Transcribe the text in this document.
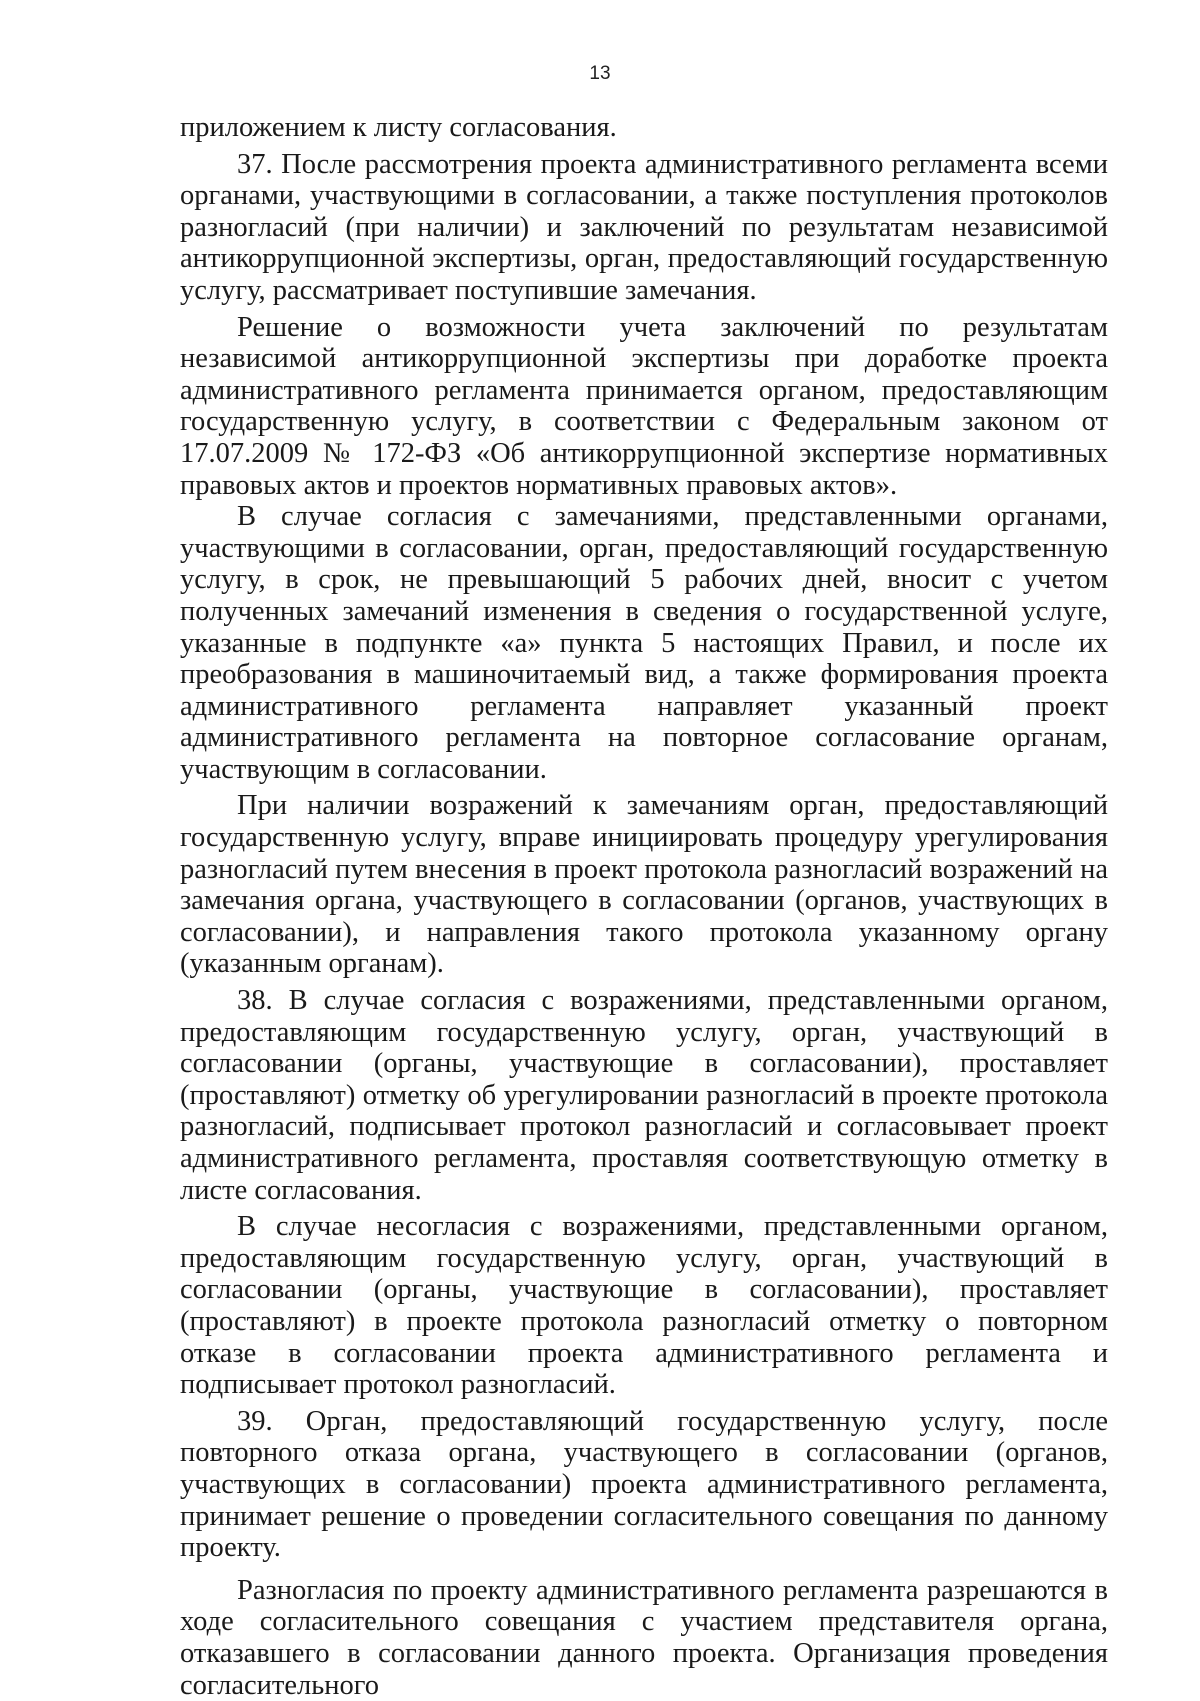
13

приложением к листу согласования.

37. После рассмотрения проекта административного регламента всеми органами, участвующими в согласовании, а также поступления протоколов разногласий (при наличии) и заключений по результатам независимой антикоррупционной экспертизы, орган, предоставляющий государственную услугу, рассматривает поступившие замечания.

Решение о возможности учета заключений по результатам независимой антикоррупционной экспертизы при доработке проекта административного регламента принимается органом, предоставляющим государственную услугу, в соответствии с Федеральным законом от 17.07.2009 № 172-ФЗ «Об антикоррупционной экспертизе нормативных правовых актов и проектов нормативных правовых актов».

В случае согласия с замечаниями, представленными органами, участвующими в согласовании, орган, предоставляющий государственную услугу, в срок, не превышающий 5 рабочих дней, вносит с учетом полученных замечаний изменения в сведения о государственной услуге, указанные в подпункте «а» пункта 5 настоящих Правил, и после их преобразования в машиночитаемый вид, а также формирования проекта административного регламента направляет указанный проект административного регламента на повторное согласование органам, участвующим в согласовании.

При наличии возражений к замечаниям орган, предоставляющий государственную услугу, вправе инициировать процедуру урегулирования разногласий путем внесения в проект протокола разногласий возражений на замечания органа, участвующего в согласовании (органов, участвующих в согласовании), и направления такого протокола указанному органу (указанным органам).

38. В случае согласия с возражениями, представленными органом, предоставляющим государственную услугу, орган, участвующий в согласовании (органы, участвующие в согласовании), проставляет (проставляют) отметку об урегулировании разногласий в проекте протокола разногласий, подписывает протокол разногласий и согласовывает проект административного регламента, проставляя соответствующую отметку в листе согласования.

В случае несогласия с возражениями, представленными органом, предоставляющим государственную услугу, орган, участвующий в согласовании (органы, участвующие в согласовании), проставляет (проставляют) в проекте протокола разногласий отметку о повторном отказе в согласовании проекта административного регламента и подписывает протокол разногласий.

39. Орган, предоставляющий государственную услугу, после повторного отказа органа, участвующего в согласовании (органов, участвующих в согласовании) проекта административного регламента, принимает решение о проведении согласительного совещания по данному проекту.

Разногласия по проекту административного регламента разрешаются в ходе согласительного совещания с участием представителя органа, отказавшего в согласовании данного проекта. Организация проведения согласительного
